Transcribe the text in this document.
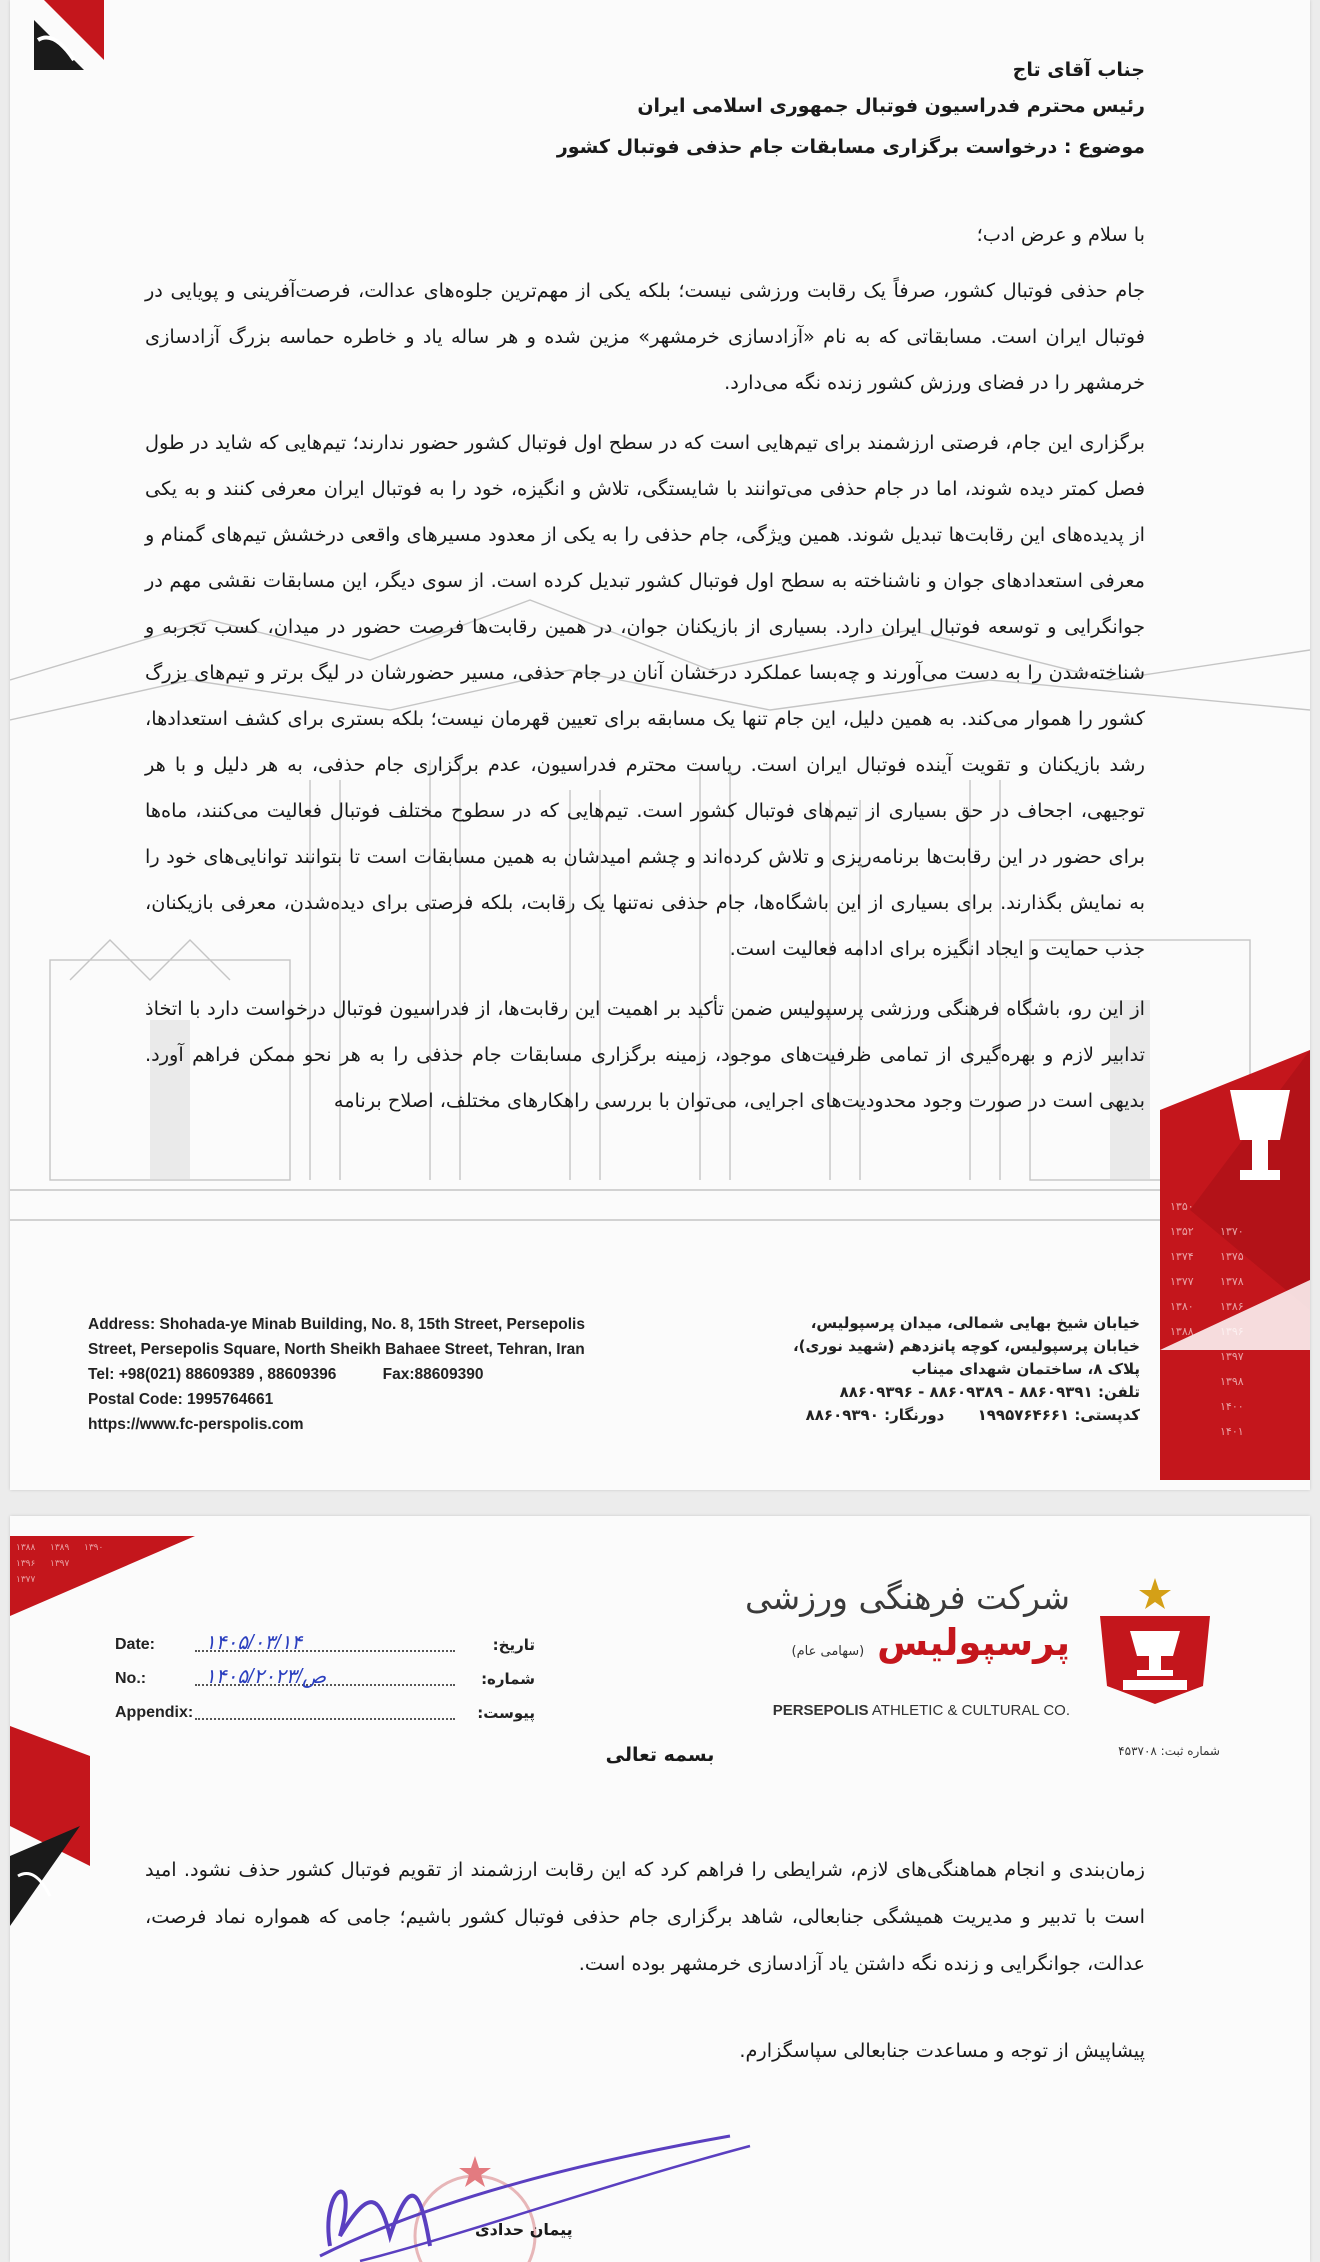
۱۳۵۰
۱۳۵۲ ۱۳۷۰
۱۳۷۴ ۱۳۷۵
۱۳۷۷ ۱۳۷۸
۱۳۸۰ ۱۳۸۶
۱۳۸۸
۱۳۹۷
۱۳۹۸
۱۴۰۰
۱۴۰۱
جناب آقای تاج
رئیس محترم فدراسیون فوتبال جمهوری اسلامی ایران
موضوع : درخواست برگزاری مسابقات جام حذفی فوتبال کشور

با سلام و عرض ادب؛

جام حذفی فوتبال کشور، صرفاً یک رقابت ورزشی نیست؛ بلکه یکی از مهم‌ترین جلوه‌های عدالت، فرصت‌آفرینی و پویایی در فوتبال ایران است. مسابقاتی که به نام «آزادسازی خرمشهر» مزین شده و هر ساله یاد و خاطره حماسه بزرگ آزادسازی خرمشهر را در فضای ورزش کشور زنده نگه می‌دارد.

برگزاری این جام، فرصتی ارزشمند برای تیم‌هایی است که در سطح اول فوتبال کشور حضور ندارند؛ تیم‌هایی که شاید در طول فصل کمتر دیده شوند، اما در جام حذفی می‌توانند با شایستگی، تلاش و انگیزه، خود را به فوتبال ایران معرفی کنند و به یکی از پدیده‌های این رقابت‌ها تبدیل شوند. همین ویژگی، جام حذفی را به یکی از معدود مسیرهای واقعی درخشش تیم‌های گمنام و معرفی استعدادهای جوان و ناشناخته به سطح اول فوتبال کشور تبدیل کرده است. از سوی دیگر، این مسابقات نقشی مهم در جوانگرایی و توسعه فوتبال ایران دارد. بسیاری از بازیکنان جوان، در همین رقابت‌ها فرصت حضور در میدان، کسب تجربه و شناخته‌شدن را به دست می‌آورند و چه‌بسا عملکرد درخشان آنان در جام حذفی، مسیر حضورشان در لیگ برتر و تیم‌های بزرگ کشور را هموار می‌کند. به همین دلیل، این جام تنها یک مسابقه برای تعیین قهرمان نیست؛ بلکه بستری برای کشف استعدادها، رشد بازیکنان و تقویت آینده فوتبال ایران است. ریاست محترم فدراسیون، عدم برگزاری جام حذفی، به هر دلیل و با هر توجیهی، اجحاف در حق بسیاری از تیم‌های فوتبال کشور است. تیم‌هایی که در سطوح مختلف فوتبال فعالیت می‌کنند، ماه‌ها برای حضور در این رقابت‌ها برنامه‌ریزی و تلاش کرده‌اند و چشم امیدشان به همین مسابقات است تا بتوانند توانایی‌های خود را به نمایش بگذارند. برای بسیاری از این باشگاه‌ها، جام حذفی نه‌تنها یک رقابت، بلکه فرصتی برای دیده‌شدن، معرفی بازیکنان، جذب حمایت و ایجاد انگیزه برای ادامه فعالیت است.

از این رو، باشگاه فرهنگی ورزشی پرسپولیس ضمن تأکید بر اهمیت این رقابت‌ها، از فدراسیون فوتبال درخواست دارد با اتخاذ تدابیر لازم و بهره‌گیری از تمامی ظرفیت‌های موجود، زمینه برگزاری مسابقات جام حذفی را به هر نحو ممکن فراهم آورد. بدیهی است در صورت وجود محدودیت‌های اجرایی، می‌توان با بررسی راهکارهای مختلف، اصلاح برنامه

Address: Shohada-ye Minab Building, No. 8, 15th Street, Persepolis
Street, Persepolis Square, North Sheikh Bahaee Street, Tehran, Iran
Tel: +98(021) 88609389 , 88609396	Fax:88609390
Postal Code: 1995764661
https://www.fc-perspolis.com
خیابان شیخ بهایی شمالی، میدان پرسپولیس،
خیابان پرسپولیس، کوچه پانزدهم (شهید نوری)،
پلاک ۸، ساختمان شهدای میناب
تلفن: ۸۸۶۰۹۳۹۱ - ۸۸۶۰۹۳۸۹ - ۸۸۶۰۹۳۹۶
کدپستی: ۱۹۹۵۷۶۴۶۶۱ دورنگار: ۸۸۶۰۹۳۹۰
۱۳۸۸ ۱۳۸۹ ۱۳۹۰
۱۳۹۶ ۱۳۹۷
۱۳۷۷	شرکت فرهنگی ورزشی
پرسپولیس (سهامی عام)
PERSEPOLIS ATHLETIC & CULTURAL CO.
شماره ثبت: ۴۵۳۷۰۸
Date: ۱۴۰۵/۰۳/۱۴	تاریخ:
No.:	۱۴۰۵/ص/۲۰۲۳	شماره:
Appendix:	پیوست:
بسمه تعالی

زمان‌بندی و انجام هماهنگی‌های لازم، شرایطی را فراهم کرد که این رقابت ارزشمند از تقویم فوتبال کشور حذف نشود. امید است با تدبیر و مدیریت همیشگی جنابعالی، شاهد برگزاری جام حذفی فوتبال کشور باشیم؛ جامی که همواره نماد فرصت، عدالت، جوانگرایی و زنده نگه داشتن یاد آزادسازی خرمشهر بوده است.

پیشاپیش از توجه و مساعدت جنابعالی سپاسگزارم.

پیمان حدادی
